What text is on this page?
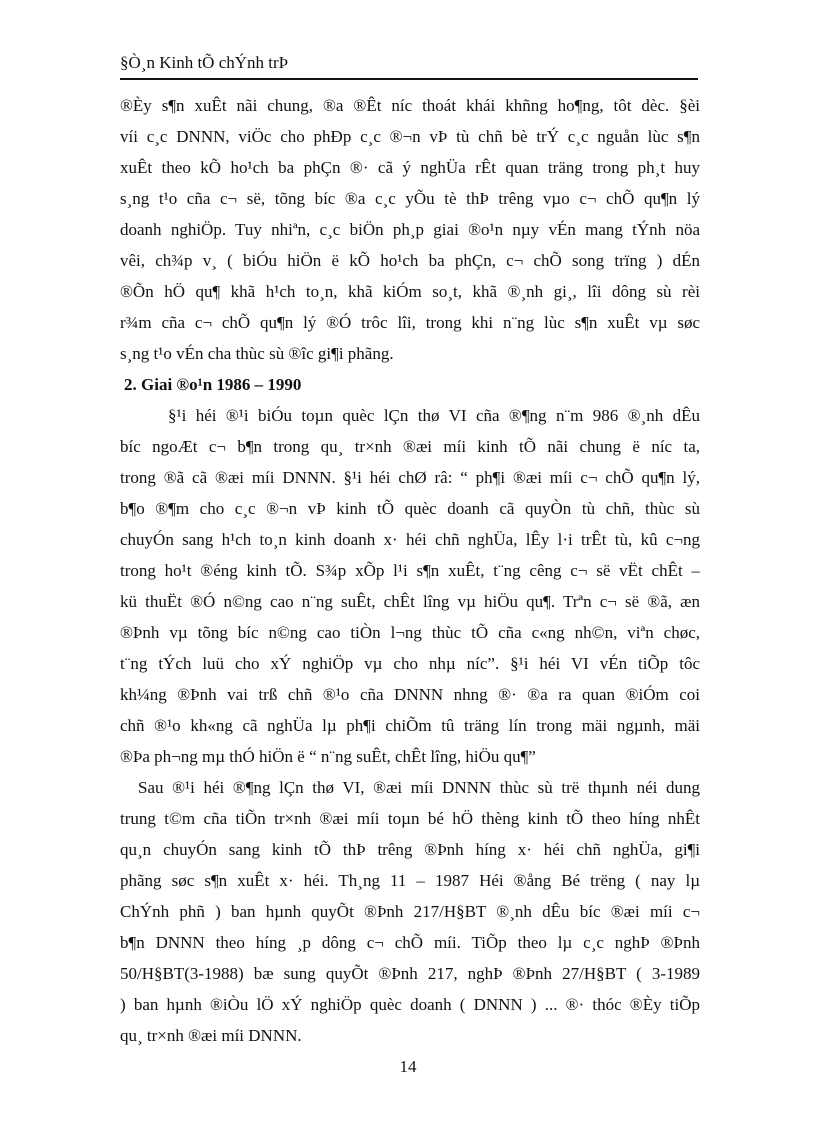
§Ò¸n Kinh tÕ chÝnh trÞ
®Èy s¶n xuÊt nãi chung, ®a ®Êt níc thoát khái khñng ho¶ng, tôt dèc. §èi
víi c¸c DNNN, viÖc cho phÐp c¸c ®¬n vÞ tù chñ bè trÝ c¸c nguån lùc s¶n
xuÊt theo kÕ ho¹ch ba phÇn ®· cã ý nghÜa rÊt quan träng trong ph¸t huy
s¸ng t¹o cña c¬ së, tõng bíc ®a c¸c yÕu tè thÞ trêng vµo c¬ chÕ qu¶n lý
doanh nghiÖp. Tuy nhiªn, c¸c biÖn ph¸p giai ®o¹n nµy vÉn mang tÝnh nöa
vêi, ch¾p v¸ ( biÓu hiÖn ë kÕ ho¹ch ba phÇn, c¬ chÕ song trïng ) dÉn
®Õn hÖ qu¶ khã h¹ch to¸n, khã kiÓm so¸t, khã ®¸nh gi¸, lîi dông sù rèi
r¾m cña c¬ chÕ qu¶n lý ®Ó trôc lîi, trong khi n¨ng lùc s¶n xuÊt vµ søc
s¸ng t¹o vÉn cha thùc sù ®îc gi¶i phãng.
2. Giai ®o¹n 1986 – 1990
§¹i héi ®¹i biÓu toµn quèc lÇn thø VI cña ®¶ng n¨m 986 ®¸nh dÊu
bíc ngoÆt c¬ b¶n trong qu¸ tr×nh ®æi míi kinh tÕ nãi chung ë níc ta,
trong ®ã cã ®æi míi DNNN. §¹i héi chØ râ: “ ph¶i ®æi míi c¬ chÕ qu¶n lý,
b¶o ®¶m cho c¸c ®¬n vÞ kinh tÕ quèc doanh cã quyÒn tù chñ, thùc sù
chuyÓn sang h¹ch to¸n kinh doanh x· héi chñ nghÜa, lÊy l·i trÊt tù, kû c¬ng
trong ho¹t ®éng kinh tÕ. S¾p xÕp l¹i s¶n xuÊt, t¨ng cêng c¬ së vËt chÊt –
kü thuËt ®Ó n©ng cao n¨ng suÊt, chÊt lîng vµ hiÖu qu¶. Trªn c¬ së ®ã, æn
®Þnh vµ tõng bíc n©ng cao tiÒn l¬ng thùc tÕ cña c«ng nh©n, viªn chøc,
t¨ng tÝch luü cho xÝ nghiÖp vµ cho nhµ níc”. §¹i héi VI vÉn tiÕp tôc
kh¼ng ®Þnh vai trß chñ ®¹o cña DNNN nhng ®· ®a ra quan ®iÓm coi
chñ ®¹o kh«ng cã nghÜa lµ ph¶i chiÕm tû träng lín trong mäi ngµnh, mäi
®Þa ph¬ng mµ thÓ hiÖn ë “ n¨ng suÊt, chÊt lîng, hiÖu qu¶”
Sau ®¹i héi ®¶ng lÇn thø VI, ®æi míi DNNN thùc sù trë thµnh néi dung
trung t©m cña tiÕn tr×nh ®æi míi toµn bé hÖ thèng kinh tÕ theo híng nhÊt
qu¸n chuyÓn sang kinh tÕ thÞ trêng ®Þnh híng x· héi chñ nghÜa, gi¶i
phãng søc s¶n xuÊt x· héi. Th¸ng 11 – 1987 Héi ®ång Bé trëng ( nay lµ
ChÝnh phñ ) ban hµnh quyÕt ®Þnh 217/H§BT ®¸nh dÊu bíc ®æi míi c¬
b¶n DNNN theo híng ¸p dông c¬ chÕ míi. TiÕp theo lµ c¸c nghÞ ®Þnh
50/H§BT(3-1988) bæ sung quyÕt ®Þnh 217, nghÞ ®Þnh 27/H§BT ( 3-1989
) ban hµnh ®iÒu lÖ xÝ nghiÖp quèc doanh ( DNNN ) ... ®· thóc ®Èy tiÕp
qu¸ tr×nh ®æi míi DNNN.
14
